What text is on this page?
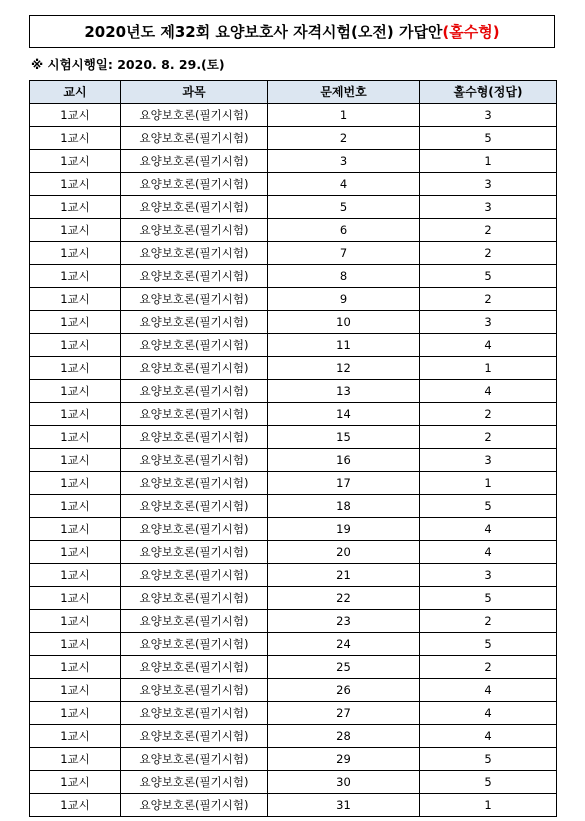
2020년도 제32회 요양보호사 자격시험(오전) 가답안 (홀수형)
※ 시험시행일: 2020. 8. 29.(토)
교시	과목	문제번호	홀수형(정답)
1교시	요양보호론(필기시험)	1	3
1교시	요양보호론(필기시험)	2	5
1교시	요양보호론(필기시험)	3	1
1교시	요양보호론(필기시험)	4	3
1교시	요양보호론(필기시험)	5	3
1교시	요양보호론(필기시험)	6	2
1교시	요양보호론(필기시험)	7	2
1교시	요양보호론(필기시험)	8	5
1교시	요양보호론(필기시험)	9	2
1교시	요양보호론(필기시험)	10	3
1교시	요양보호론(필기시험)	11	4
1교시	요양보호론(필기시험)	12	1
1교시	요양보호론(필기시험)	13	4
1교시	요양보호론(필기시험)	14	2
1교시	요양보호론(필기시험)	15	2
1교시	요양보호론(필기시험)	16	3
1교시	요양보호론(필기시험)	17	1
1교시	요양보호론(필기시험)	18	5
1교시	요양보호론(필기시험)	19	4
1교시	요양보호론(필기시험)	20	4
1교시	요양보호론(필기시험)	21	3
1교시	요양보호론(필기시험)	22	5
1교시	요양보호론(필기시험)	23	2
1교시	요양보호론(필기시험)	24	5
1교시	요양보호론(필기시험)	25	2
1교시	요양보호론(필기시험)	26	4
1교시	요양보호론(필기시험)	27	4
1교시	요양보호론(필기시험)	28	4
1교시	요양보호론(필기시험)	29	5
1교시	요양보호론(필기시험)	30	5
1교시	요양보호론(필기시험)	31	1
